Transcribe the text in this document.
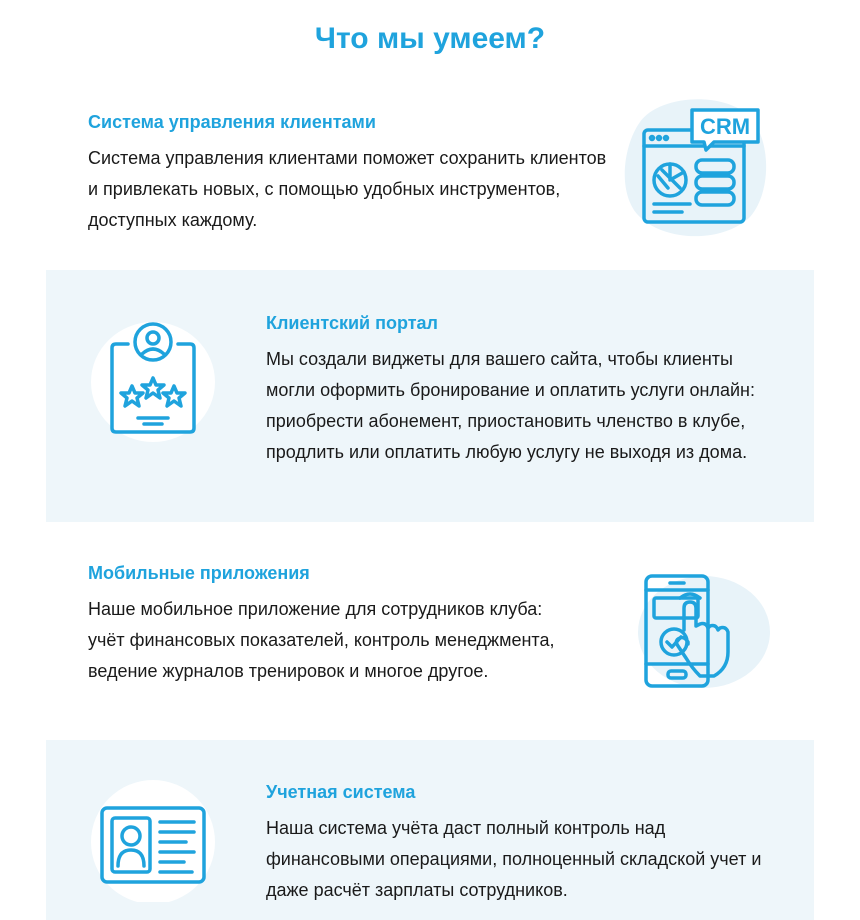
Что мы умеем?
Система управления клиентами

Система управления клиентами поможет сохранить клиентов и привлекать новых, с помощью удобных инструментов, доступных каждому.

CRM
Клиентский портал

Мы создали виджеты для вашего сайта, чтобы клиенты могли оформить бронирование и оплатить услуги онлайн: приобрести абонемент, приостановить членство в клубе, продлить или оплатить любую услугу не выходя из дома.

Мобильные приложения

Наше мобильное приложение для сотрудников клуба: учёт финансовых показателей, контроль менеджмента, ведение журналов тренировок и многое другое.

Учетная система

Наша система учёта даст полный контроль над финансовыми операциями, полноценный складской учет и даже расчёт зарплаты сотрудников.
